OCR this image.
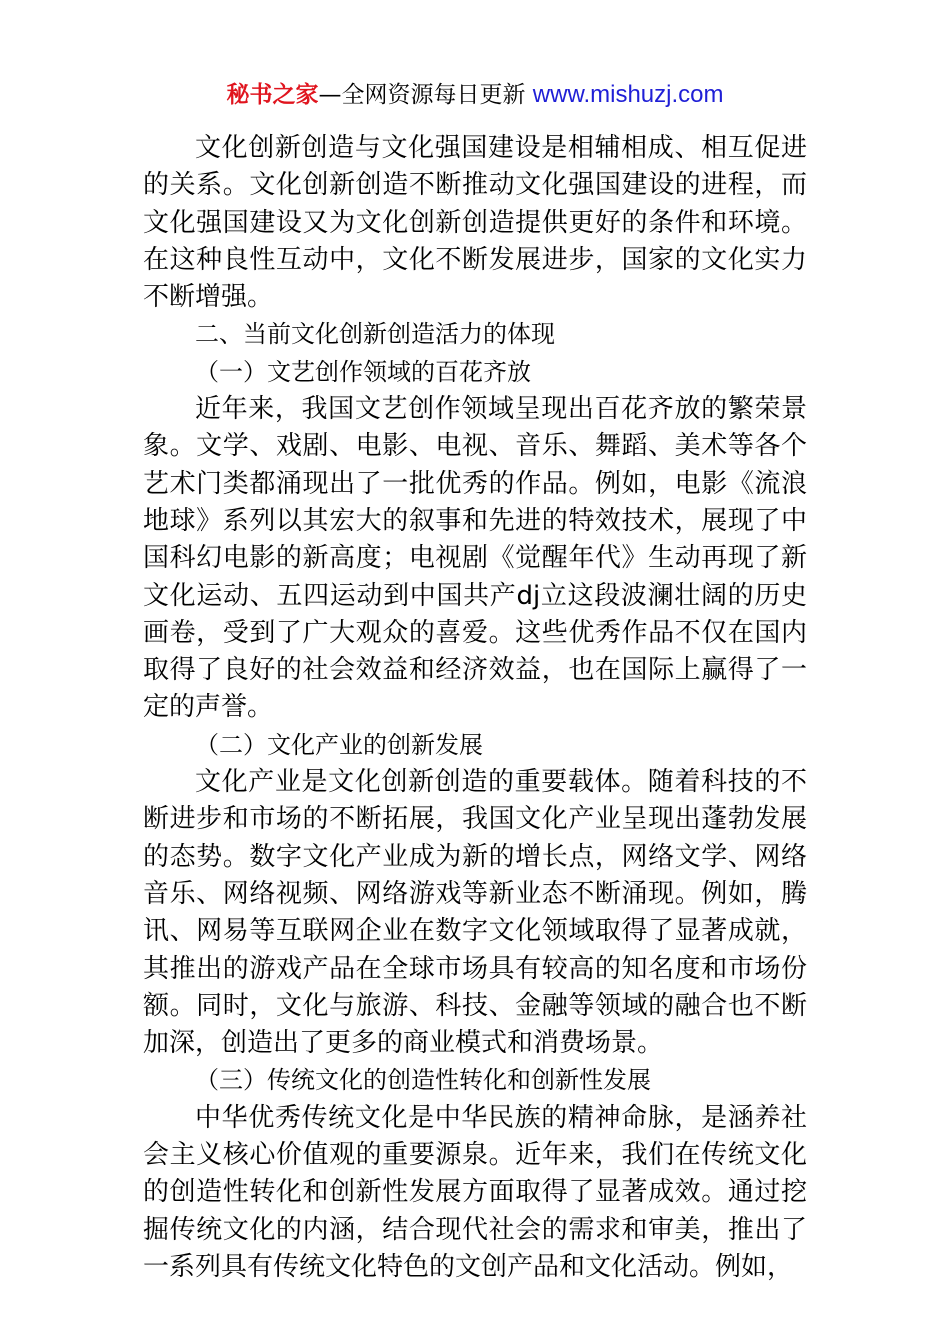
秘书之家—全网资源每日更新 www.mishuzj.com

文化创新创造与文化强国建设是相辅相成、相互促进的关系。文化创新创造不断推动文化强国建设的进程，而文化强国建设又为文化创新创造提供更好的条件和环境。在这种良性互动中，文化不断发展进步，国家的文化实力不断增强。

二、当前文化创新创造活力的体现

（一）文艺创作领域的百花齐放

近年来，我国文艺创作领域呈现出百花齐放的繁荣景象。文学、戏剧、电影、电视、音乐、舞蹈、美术等各个艺术门类都涌现出了一批优秀的作品。例如，电影《流浪地球》系列以其宏大的叙事和先进的特效技术，展现了中国科幻电影的新高度；电视剧《觉醒年代》生动再现了新文化运动、五四运动到中国共产dj立这段波澜壮阔的历史画卷，受到了广大观众的喜爱。这些优秀作品不仅在国内取得了良好的社会效益和经济效益，也在国际上赢得了一定的声誉。

（二）文化产业的创新发展

文化产业是文化创新创造的重要载体。随着科技的不断进步和市场的不断拓展，我国文化产业呈现出蓬勃发展的态势。数字文化产业成为新的增长点，网络文学、网络音乐、网络视频、网络游戏等新业态不断涌现。例如，腾讯、网易等互联网企业在数字文化领域取得了显著成就，其推出的游戏产品在全球市场具有较高的知名度和市场份额。同时，文化与旅游、科技、金融等领域的融合也不断加深，创造出了更多的商业模式和消费场景。

（三）传统文化的创造性转化和创新性发展

中华优秀传统文化是中华民族的精神命脉，是涵养社会主义核心价值观的重要源泉。近年来，我们在传统文化的创造性转化和创新性发展方面取得了显著成效。通过挖掘传统文化的内涵，结合现代社会的需求和审美，推出了一系列具有传统文化特色的文创产品和文化活动。例如，
